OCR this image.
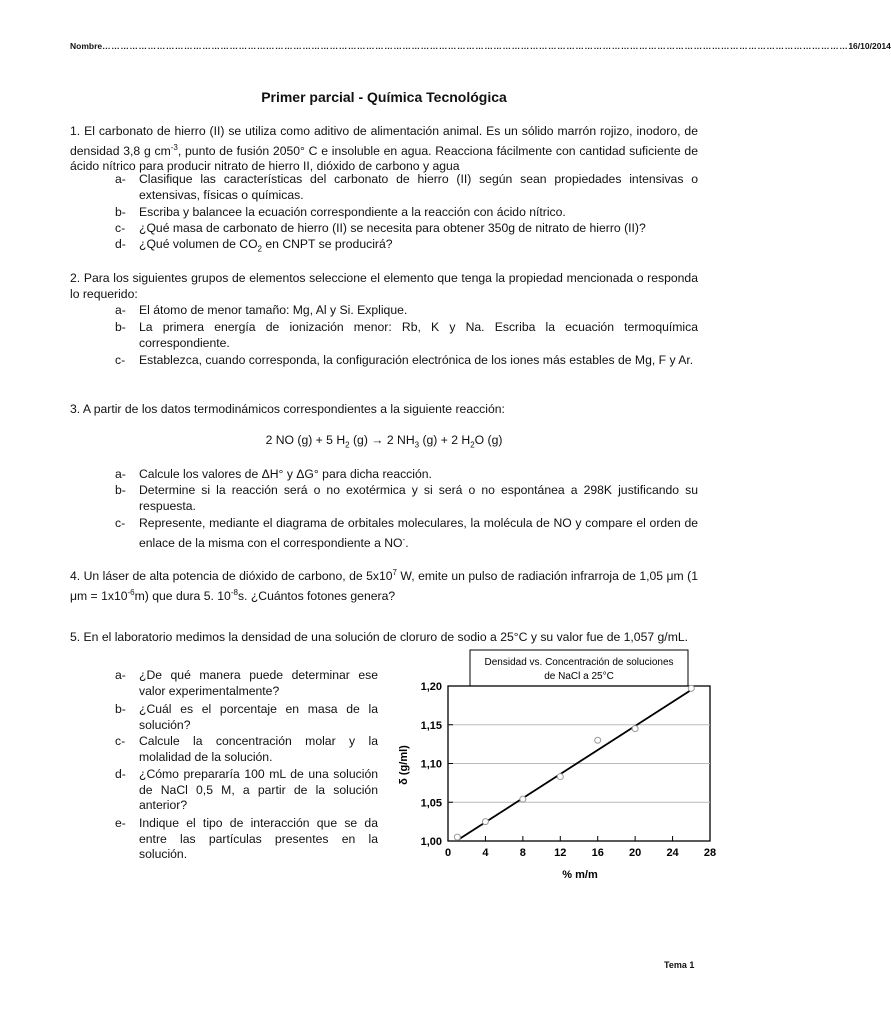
Nombre ………………………………………………………………………………………………………………………………………………………………………………………………………………………… 16/10/2014
Primer parcial - Química Tecnológica
1. El carbonato de hierro (II) se utiliza como aditivo de alimentación animal. Es un sólido marrón rojizo, inodoro, de densidad 3,8 g $cm^{-3}$, punto de fusión 2050° C e insoluble en agua. Reacciona fácilmente con cantidad suficiente de ácido nítrico para producir nitrato de hierro II, dióxido de carbono y agua
a-	Clasifique las características del carbonato de hierro (II) según sean propiedades intensivas o extensivas, físicas o químicas.
b-	Escriba y balancee la ecuación correspondiente a la reacción con ácido nítrico.
c-	¿Qué masa de carbonato de hierro (II) se necesita para obtener 350g de nitrato de hierro (II)?
d-	¿Qué volumen de $CO_2$ en CNPT se producirá?
2. Para los siguientes grupos de elementos seleccione el elemento que tenga la propiedad mencionada o responda lo requerido:
a-	El átomo de menor tamaño: Mg, Al y Si. Explique.
b-	La primera energía de ionización menor: Rb, K y Na. Escriba la ecuación termoquímica correspondiente.
c-	Establezca, cuando corresponda, la configuración electrónica de los iones más estables de Mg, F y Ar.
3. A partir de los datos termodinámicos correspondientes a la siguiente reacción:
2 NO (g) + 5 $H_2$ (g) → 2 $NH_3$ (g) + 2 $H_2O$ (g)
a-	Calcule los valores de ΔH° y ΔG° para dicha reacción.
b-	Determine si la reacción será o no exotérmica y si será o no espontánea a 298K justificando su respuesta.
c-	Represente, mediante el diagrama de orbitales moleculares, la molécula de NO y compare el orden de enlace de la misma con el correspondiente a NO-.
4. Un láser de alta potencia de dióxido de carbono, de $5x10^7$ W, emite un pulso de radiación infrarroja de 1,05 μm (1 $\mu m = 1x10^{-6}m$) que dura 5. $10^{-8}s$. ¿Cuántos fotones genera?
5. En el laboratorio medimos la densidad de una solución de cloruro de sodio a 25°C y su valor fue de 1,057 g/mL.
a-	¿De qué manera puede determinar ese valor experimentalmente?
b-	¿Cuál es el porcentaje en masa de la solución?
c-	Calcule la concentración molar y la molalidad de la solución.
d-	¿Cómo prepararía 100 mL de una solución de NaCl 0,5 M, a partir de la solución anterior?
e-	Indique el tipo de interacción que se da entre las partículas presentes en la solución.
Densidad vs. Concentración de soluciones
de NaCl a 25°C
1,00
1,05
1,10
1,15
1,20
0	4	8	12 16 20 24 28
% m/m
δ (g/ml)
Tema 1
